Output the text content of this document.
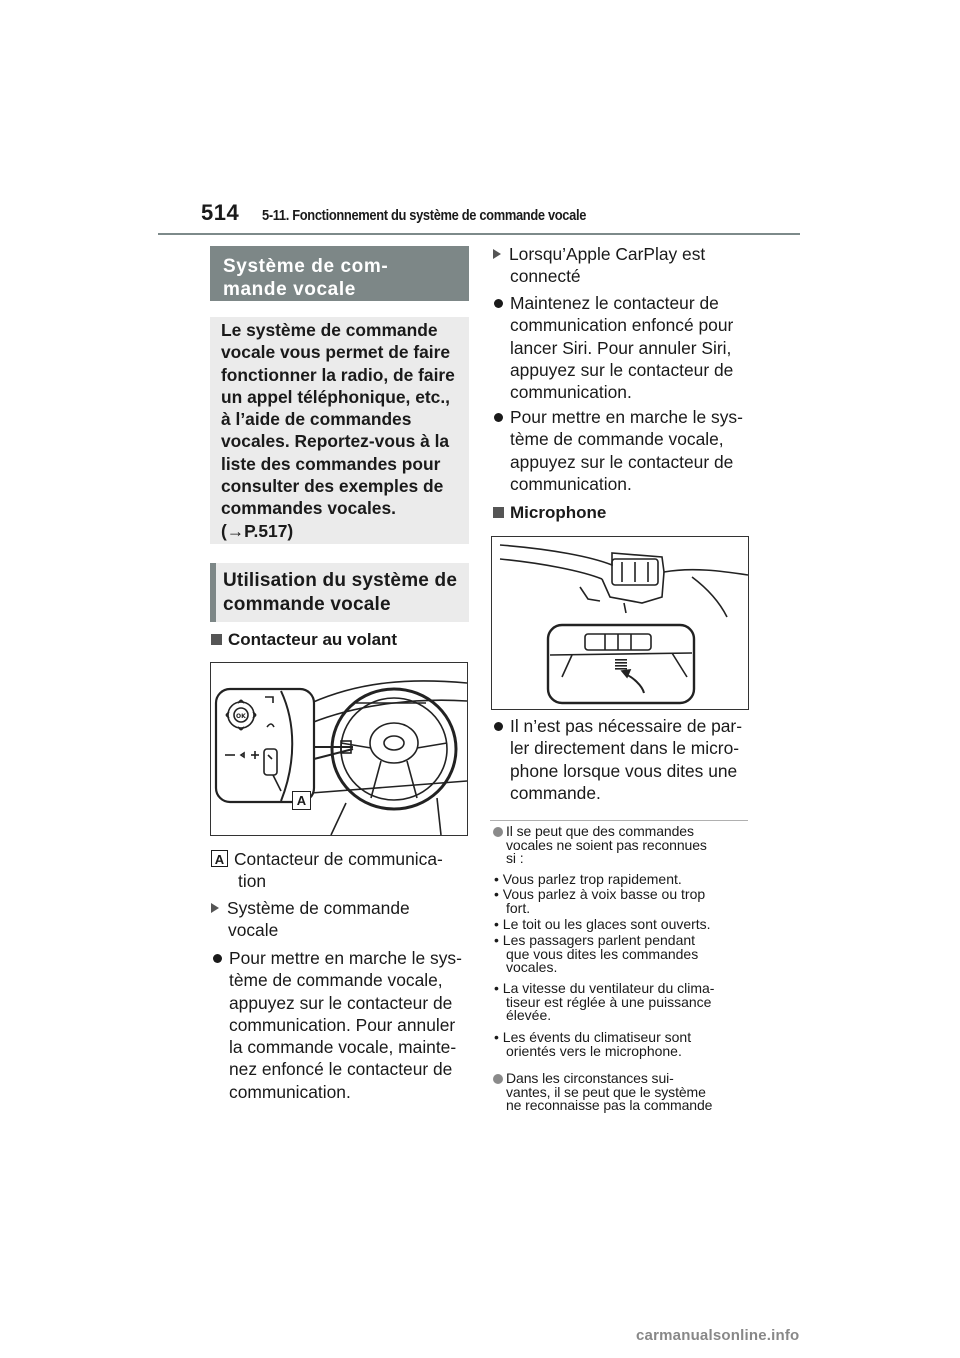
514 5-11. Fonctionnement du système de commande vocale
Système de com-
mande vocale
Le système de commande
vocale vous permet de faire
fonctionner la radio, de faire
un appel téléphonique, etc.,
à l’aide de commandes
vocales. Reportez-vous à la
liste des commandes pour
consulter des exemples de
commandes vocales.
(→P.517)
Utilisation du système de
commande vocale
Contacteur au volant
OK
A
A Contacteur de communica-
tion
Système de commande
vocale
Pour mettre en marche le sys-
tème de commande vocale,
appuyez sur le contacteur de
communication. Pour annuler
la commande vocale, mainte-
nez enfoncé le contacteur de
communication.
Lorsqu’Apple CarPlay est
connecté
Maintenez le contacteur de
communication enfoncé pour
lancer Siri. Pour annuler Siri,
appuyez sur le contacteur de
communication.
Pour mettre en marche le sys-
tème de commande vocale,
appuyez sur le contacteur de
communication.
Microphone
Il n’est pas nécessaire de par-
ler directement dans le micro-
phone lorsque vous dites une
commande.
Il se peut que des commandes
vocales ne soient pas reconnues
si :
• Vous parlez trop rapidement.
• Vous parlez à voix basse ou trop
fort.
• Le toit ou les glaces sont ouverts.
• Les passagers parlent pendant
que vous dites les commandes
vocales.
• La vitesse du ventilateur du clima-
tiseur est réglée à une puissance
élevée.
• Les évents du climatiseur sont
orientés vers le microphone.
Dans les circonstances sui-
vantes, il se peut que le système
ne reconnaisse pas la commande
carmanualsonline.info
